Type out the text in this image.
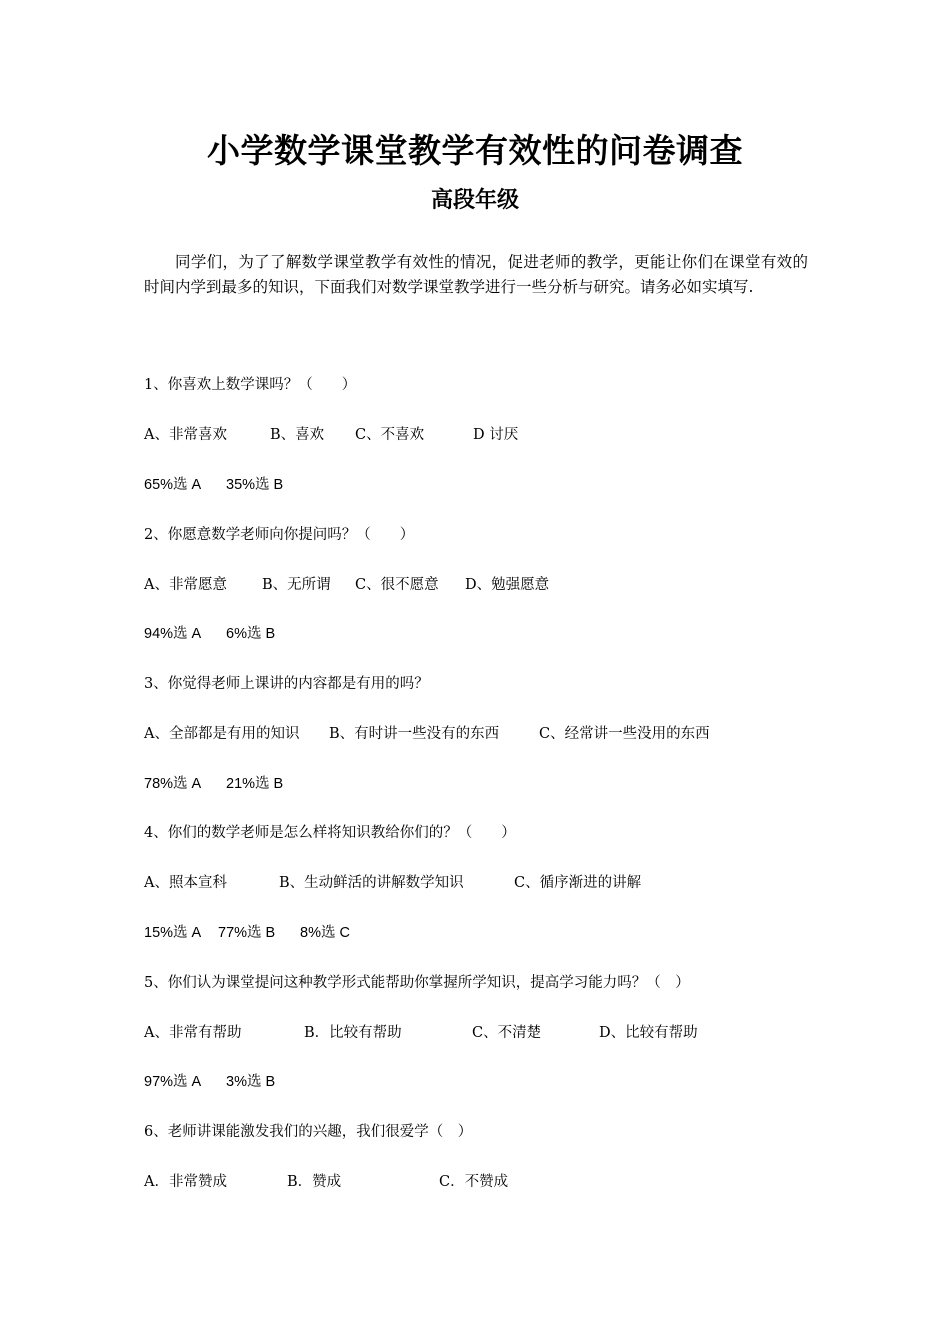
小学数学课堂教学有效性的问卷调查
高段年级
同学们，为了了解数学课堂教学有效性的情况，促进老师的教学，更能让你们在课堂有效的时间内学到最多的知识，下面我们对数学课堂教学进行一些分析与研究。请务必如实填写.
1、你喜欢上数学课吗？（　　）
A、非常喜欢	B、喜欢 C、不喜欢	D 讨厌
65%选 A 35%选 B
2、你愿意数学老师向你提问吗？（　　）
A、非常愿意 B、无所谓 C、很不愿意 D、勉强愿意
94%选 A 6%选 B
3、你觉得老师上课讲的内容都是有用的吗？
A、全部都是有用的知识 B、有时讲一些没有的东西	C、经常讲一些没用的东西
78%选 A 21%选 B
4、你们的数学老师是怎么样将知识教给你们的？（　　）
A、照本宣科	B、生动鲜活的讲解数学知识	C、循序渐进的讲解
15%选 A 77%选 B 8%选 C
5、你们认为课堂提问这种教学形式能帮助你掌握所学知识，提高学习能力吗？（　）
A、非常有帮助	B．比较有帮助	C、不清楚	D、比较有帮助
97%选 A 3%选 B
6、老师讲课能激发我们的兴趣，我们很爱学（　）
A．非常赞成	B．赞成	C．不赞成
